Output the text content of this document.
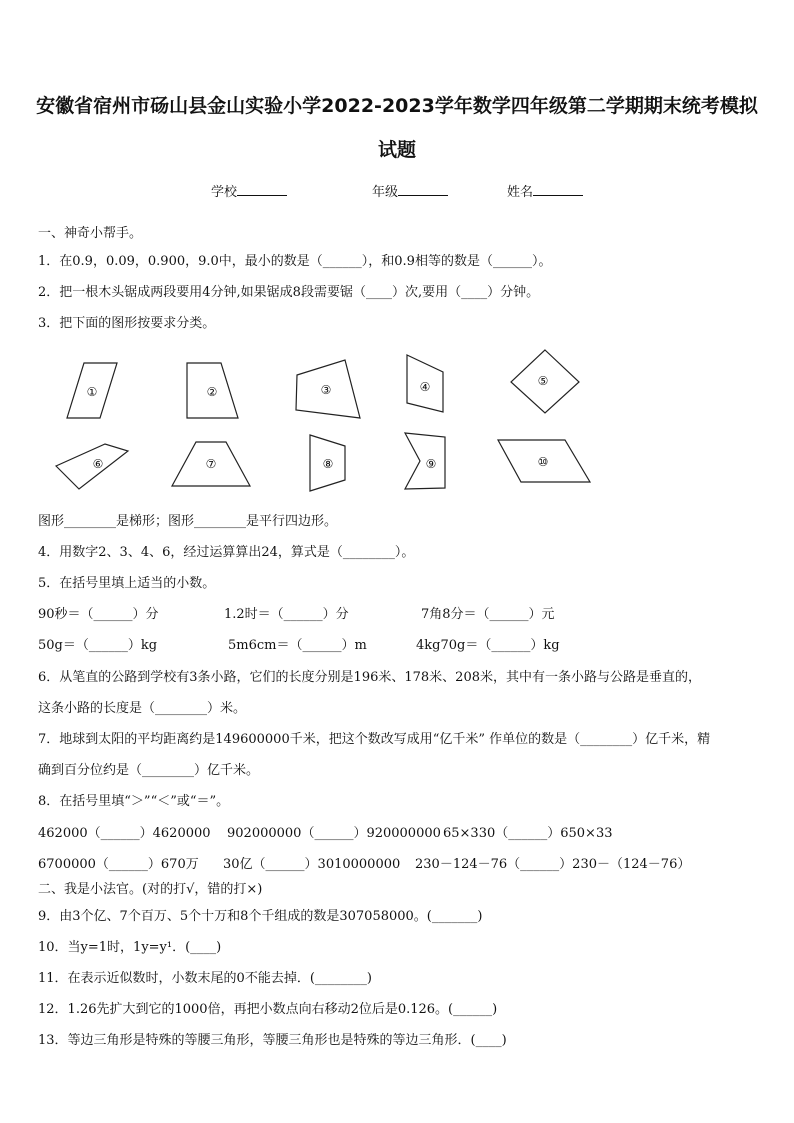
安徽省宿州市砀山县金山实验小学2022-2023学年数学四年级第二学期期末统考模拟
试题
学校	年级	姓名
一、神奇小帮手。
1．在0.9，0.09，0.900，9.0中，最小的数是（______），和0.9相等的数是（______）。
2．把一根木头锯成两段要用4分钟,如果锯成8段需要锯（____）次,要用（____）分钟。
3．把下面的图形按要求分类。
①	②	③	④	⑤
⑥	⑦	⑧	⑨	⑩
图形________是梯形；图形________是平行四边形。
4．用数字2、3、4、6，经过运算算出24，算式是（________）。
5．在括号里填上适当的小数。
90秒＝（______）分	1.2时＝（______）分	7角8分＝（______）元
50g＝（______）kg	5m6cm＝（______）m	4kg70g＝（______）kg
6．从笔直的公路到学校有3条小路，它们的长度分别是196米、178米、208米，其中有一条小路与公路是垂直的，
这条小路的长度是（________）米。
7．地球到太阳的平均距离约是149600000千米，把这个数改写成用“亿千米” 作单位的数是（________）亿千米，精
确到百分位约是（________）亿千米。
8．在括号里填“＞”“＜”或“＝”。
462000（______）4620000 902000000（______）920000000 65×330（______）650×33
6700000（______）670万 30亿（______）3010000000 230－124－76（______）230－（124－76）
二、我是小法官。(对的打√，错的打×)
9．由3个亿、7个百万、5个十万和8个千组成的数是307058000。(_______)
10．当y=1时，1y=y¹．(____)
11．在表示近似数时，小数末尾的0不能去掉．(________)
12．1.26先扩大到它的1000倍，再把小数点向右移动2位后是0.126。(______)
13．等边三角形是特殊的等腰三角形，等腰三角形也是特殊的等边三角形．(____)
